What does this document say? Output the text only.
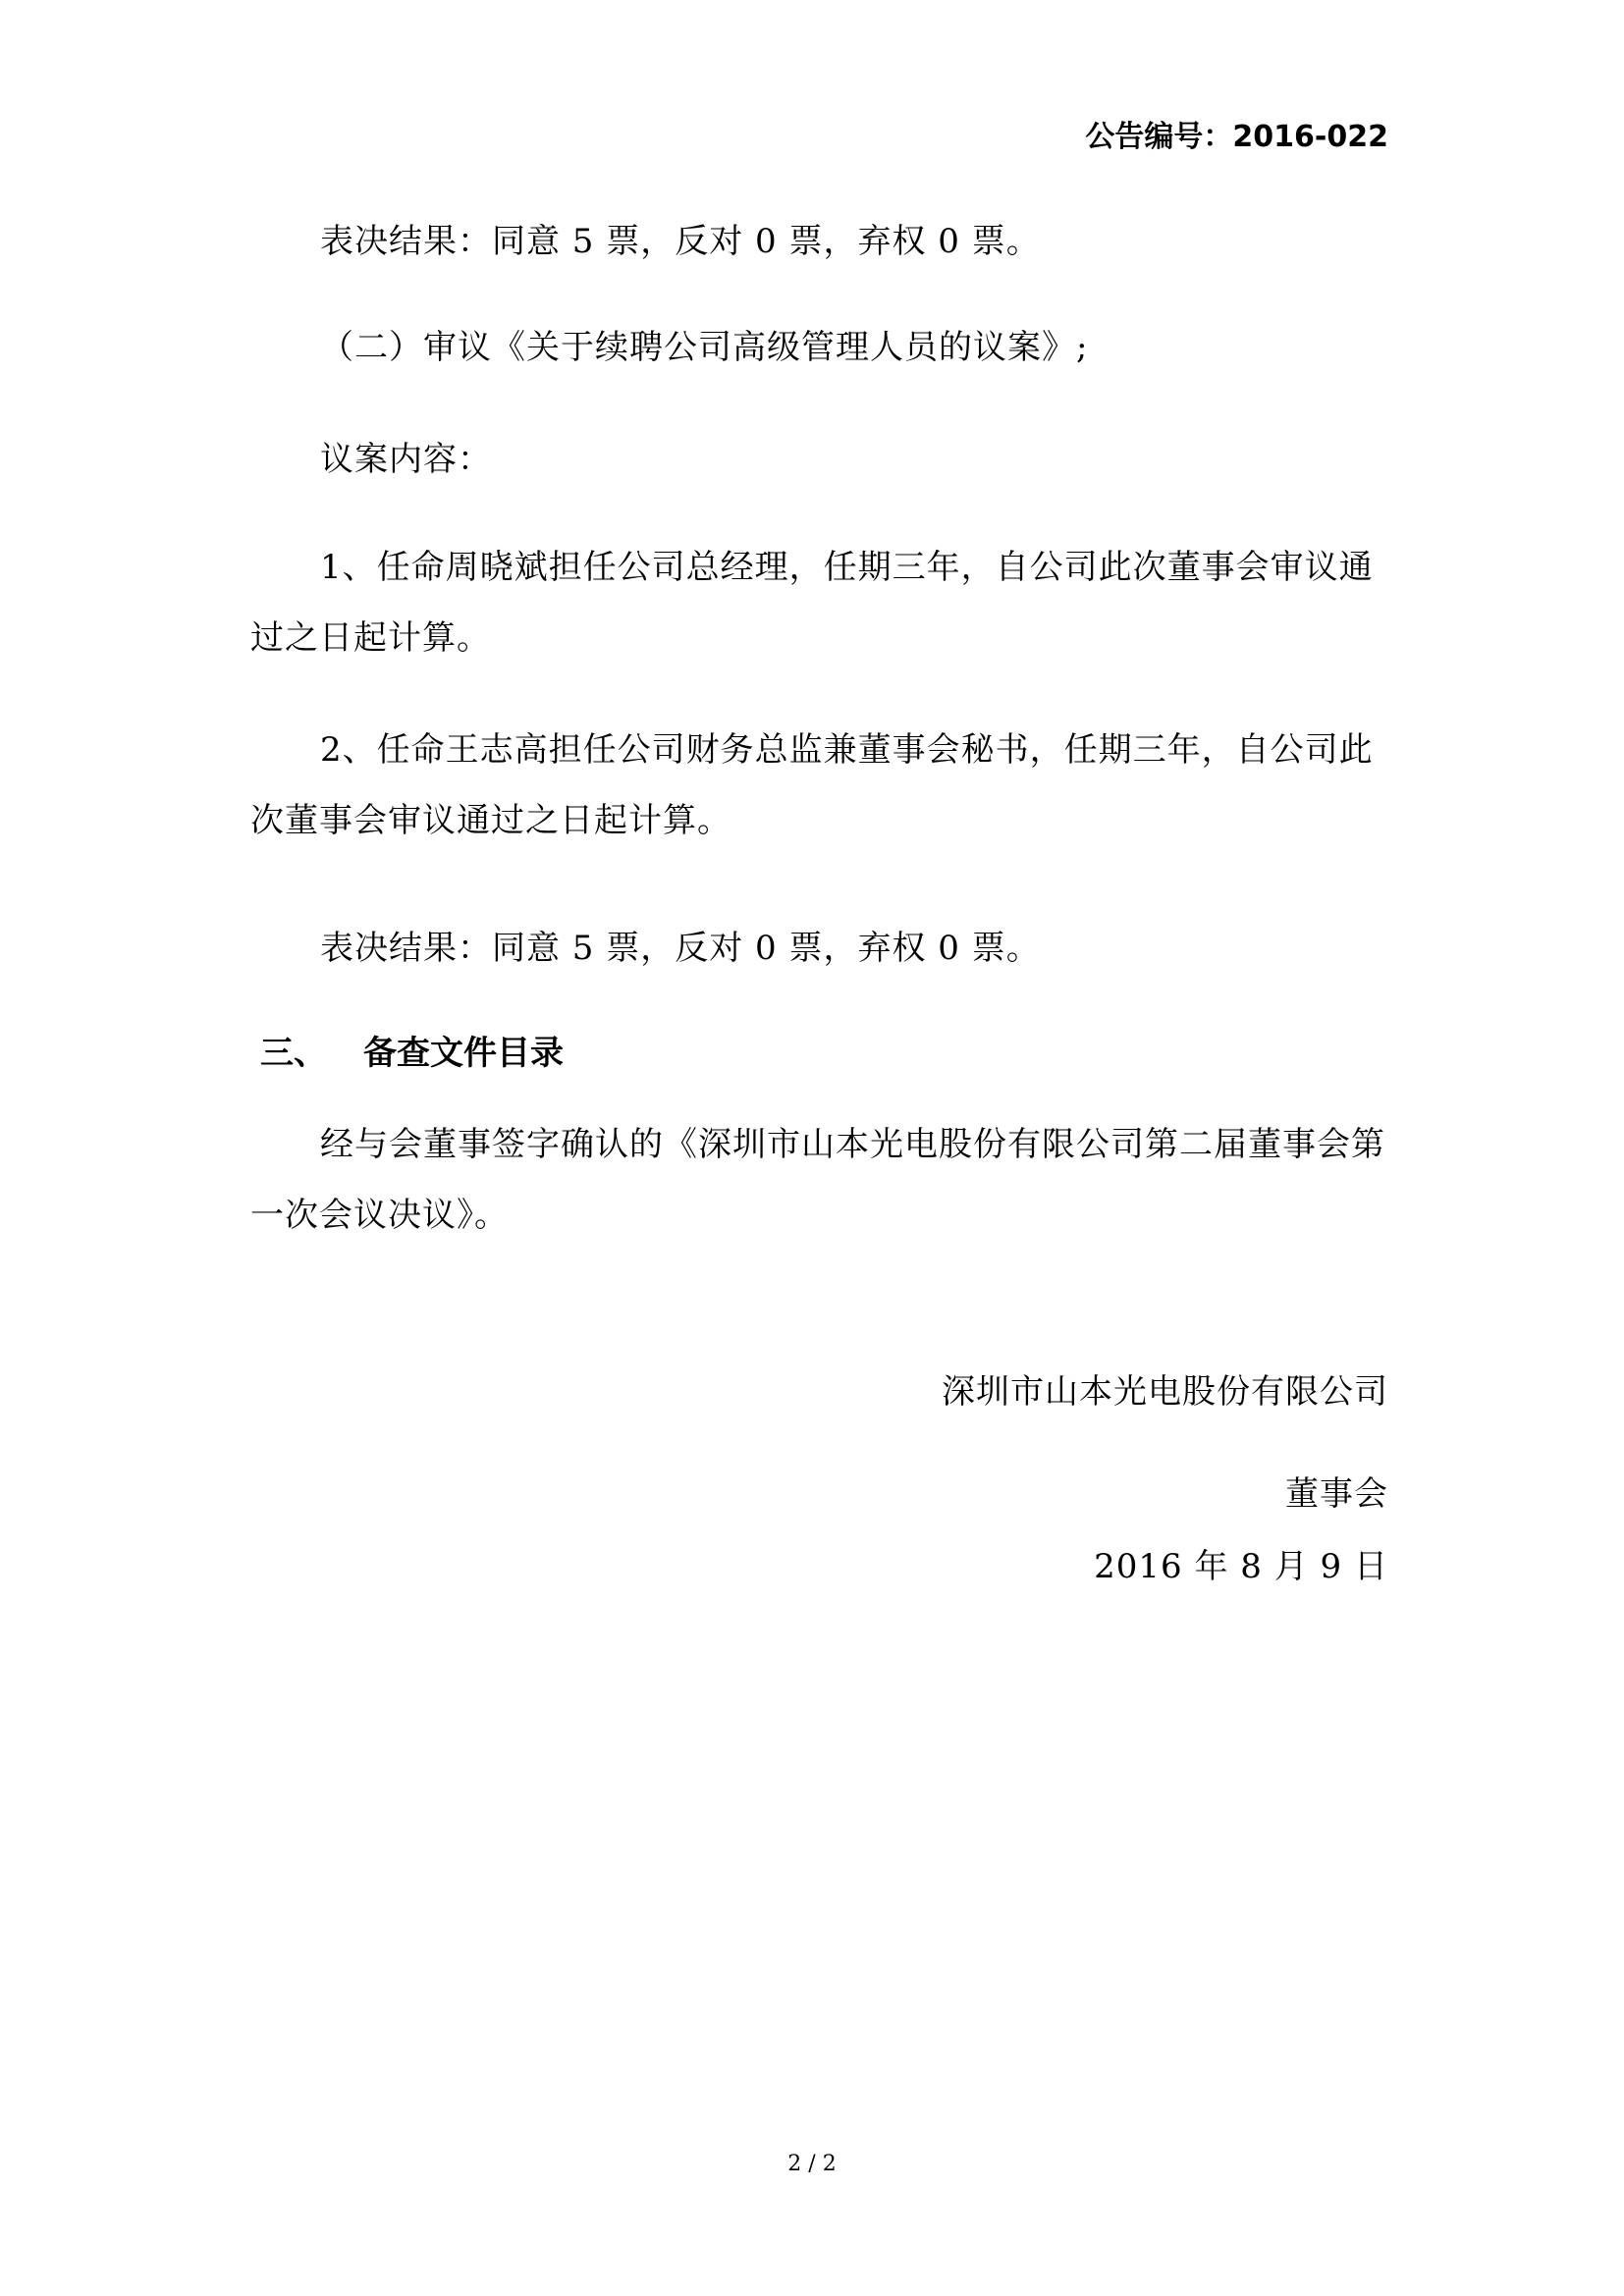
公告编号：2016-022

表决结果：同意 5 票，反对 0 票，弃权 0 票。

（二）审议《关于续聘公司高级管理人员的议案》;

议案内容：

1、任命周晓斌担任公司总经理，任期三年，自公司此次董事会审议通过之日起计算。

2、任命王志高担任公司财务总监兼董事会秘书，任期三年，自公司此次董事会审议通过之日起计算。

表决结果：同意 5 票，反对 0 票，弃权 0 票。

三、 备查文件目录

经与会董事签字确认的《深圳市山本光电股份有限公司第二届董事会第一次会议决议》。

深圳市山本光电股份有限公司
董事会
2016 年 8 月 9 日
2 / 2
